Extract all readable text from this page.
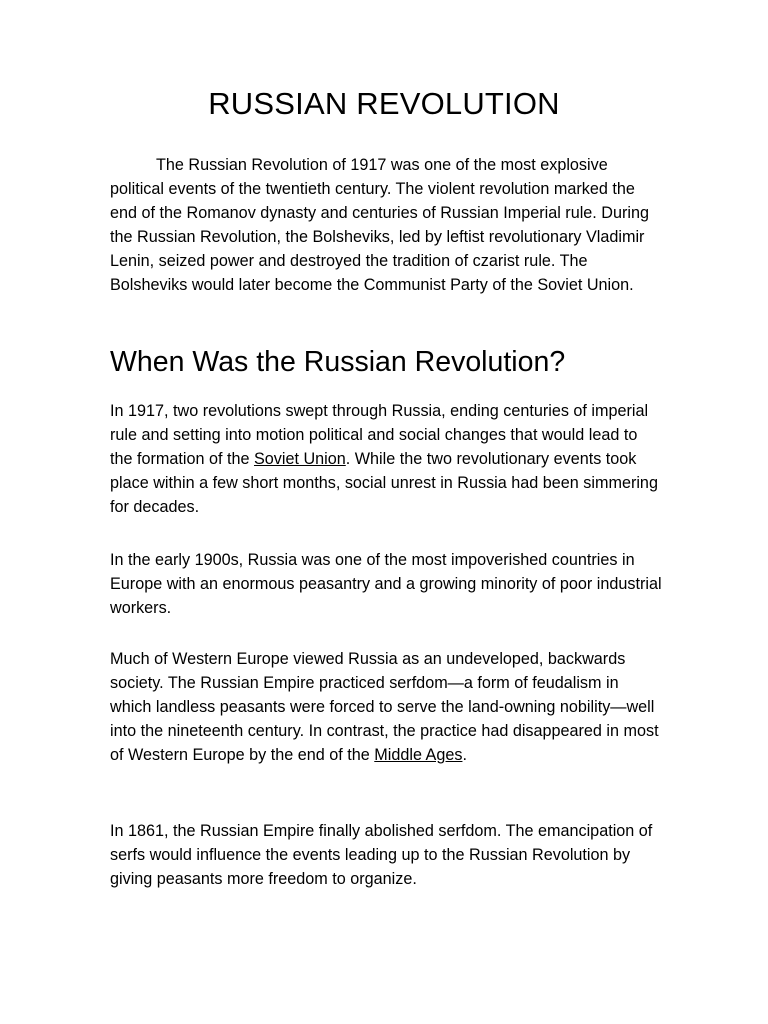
RUSSIAN REVOLUTION

The Russian Revolution of 1917 was one of the most explosive political events of the twentieth century. The violent revolution marked the end of the Romanov dynasty and centuries of Russian Imperial rule. During the Russian Revolution, the Bolsheviks, led by leftist revolutionary Vladimir Lenin, seized power and destroyed the tradition of czarist rule. The Bolsheviks would later become the Communist Party of the Soviet Union.

When Was the Russian Revolution?

In 1917, two revolutions swept through Russia, ending centuries of imperial rule and setting into motion political and social changes that would lead to the formation of the Soviet Union. While the two revolutionary events took place within a few short months, social unrest in Russia had been simmering for decades.

In the early 1900s, Russia was one of the most impoverished countries in Europe with an enormous peasantry and a growing minority of poor industrial workers.

Much of Western Europe viewed Russia as an undeveloped, backwards society. The Russian Empire practiced serfdom—a form of feudalism in which landless peasants were forced to serve the land-owning nobility—well into the nineteenth century. In contrast, the practice had disappeared in most of Western Europe by the end of the Middle Ages.

In 1861, the Russian Empire finally abolished serfdom. The emancipation of serfs would influence the events leading up to the Russian Revolution by giving peasants more freedom to organize.
